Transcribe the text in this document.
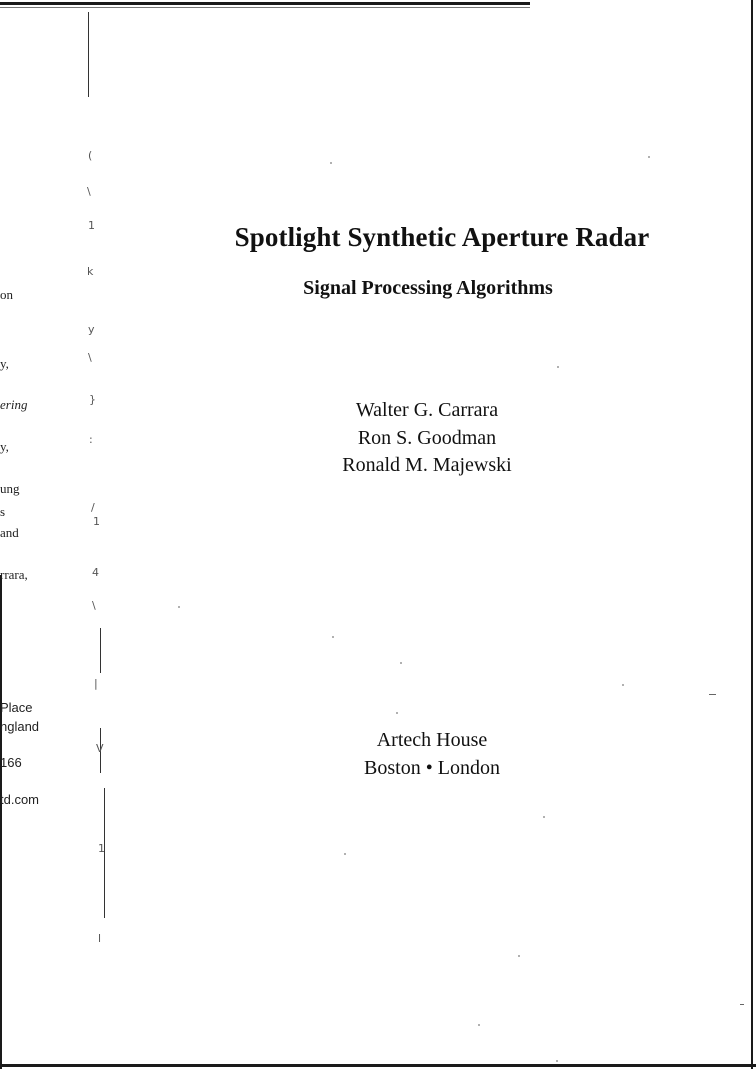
on
y,
ering
y,
ung
s
and
rrara,
Place
ngland
166
td.com
(
\
1
k
y
\
}
:
/
1
4
\
|
V
1
l
Spotlight Synthetic Aperture Radar
Signal Processing Algorithms
Walter G. Carrara
Ron S. Goodman
Ronald M. Majewski
Artech House
Boston • London
